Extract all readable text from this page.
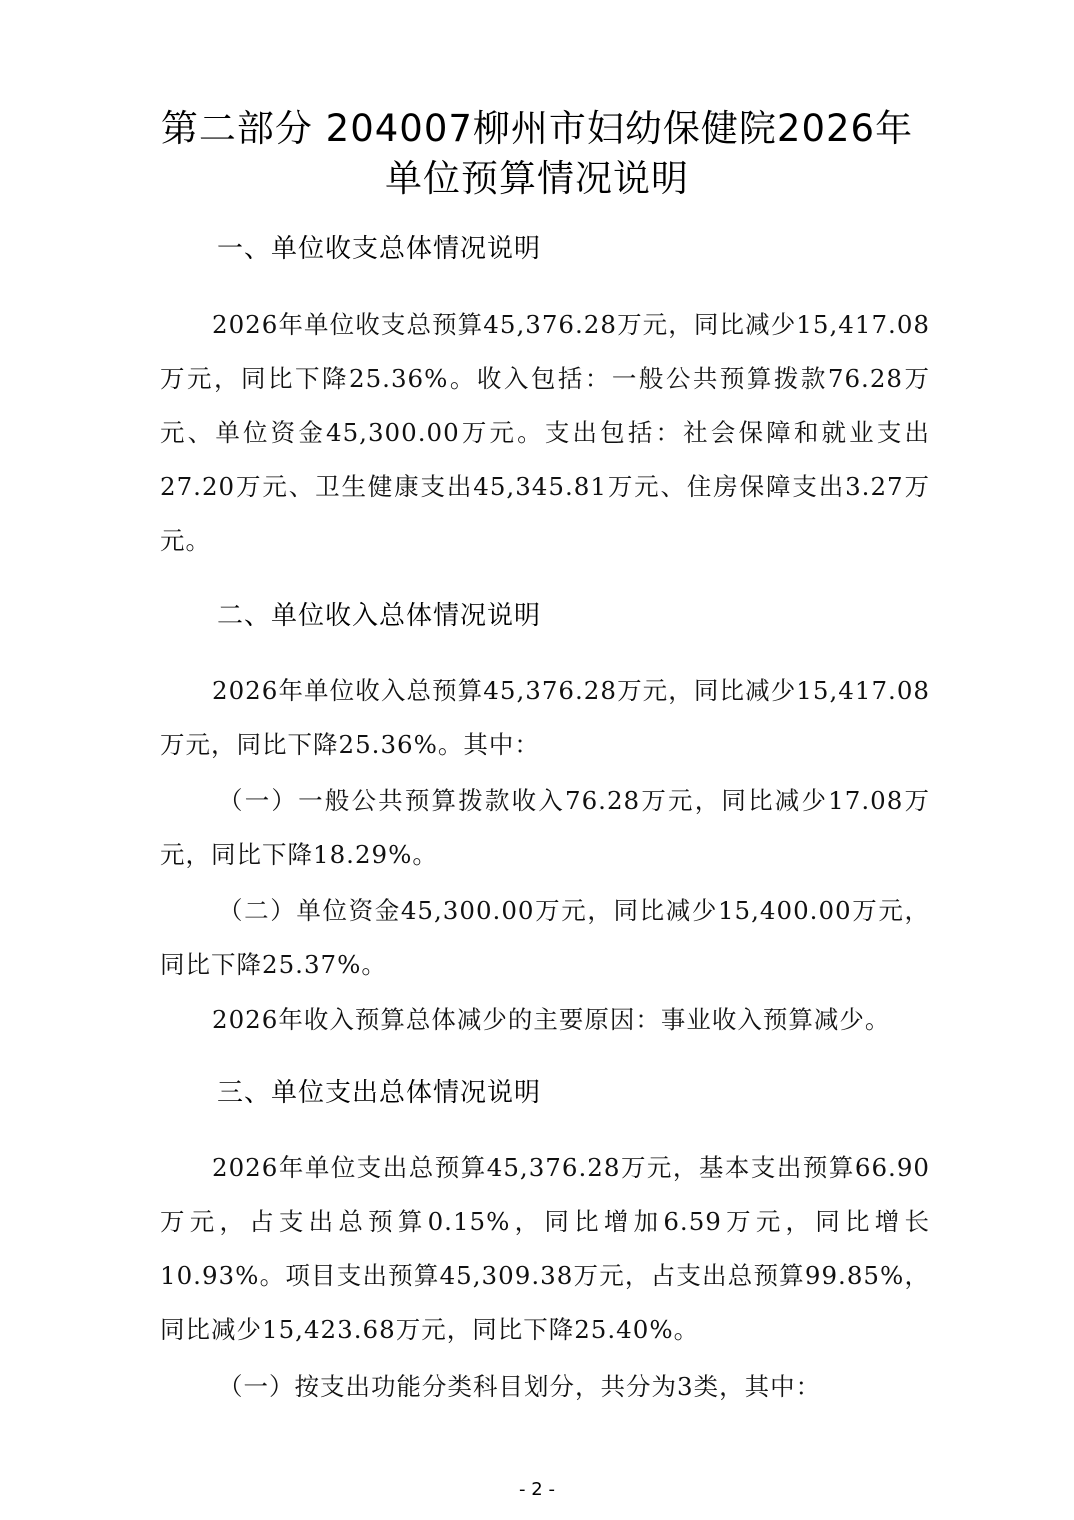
第二部分 204007柳州市妇幼保健院2026年
单位预算情况说明
一、单位收支总体情况说明

2026年单位收支总预算45,376.28万元，同比减少15,417.08万元，同比下降25.36%。收入包括：一般公共预算拨款76.28万元、单位资金45,300.00万元。支出包括：社会保障和就业支出27.20万元、卫生健康支出45,345.81万元、住房保障支出3.27万元。

二、单位收入总体情况说明

2026年单位收入总预算45,376.28万元，同比减少15,417.08万元，同比下降25.36%。其中：

（一）一般公共预算拨款收入76.28万元，同比减少17.08万元，同比下降18.29%。

（二）单位资金45,300.00万元，同比减少15,400.00万元，同比下降25.37%。

2026年收入预算总体减少的主要原因：事业收入预算减少。

三、单位支出总体情况说明

2026年单位支出总预算45,376.28万元，基本支出预算66.90万元，占支出总预算0.15%，同比增加6.59万元，同比增长10.93%。项目支出预算45,309.38万元，占支出总预算99.85%，同比减少15,423.68万元，同比下降25.40%。

（一）按支出功能分类科目划分，共分为3类，其中：

- 2 -
